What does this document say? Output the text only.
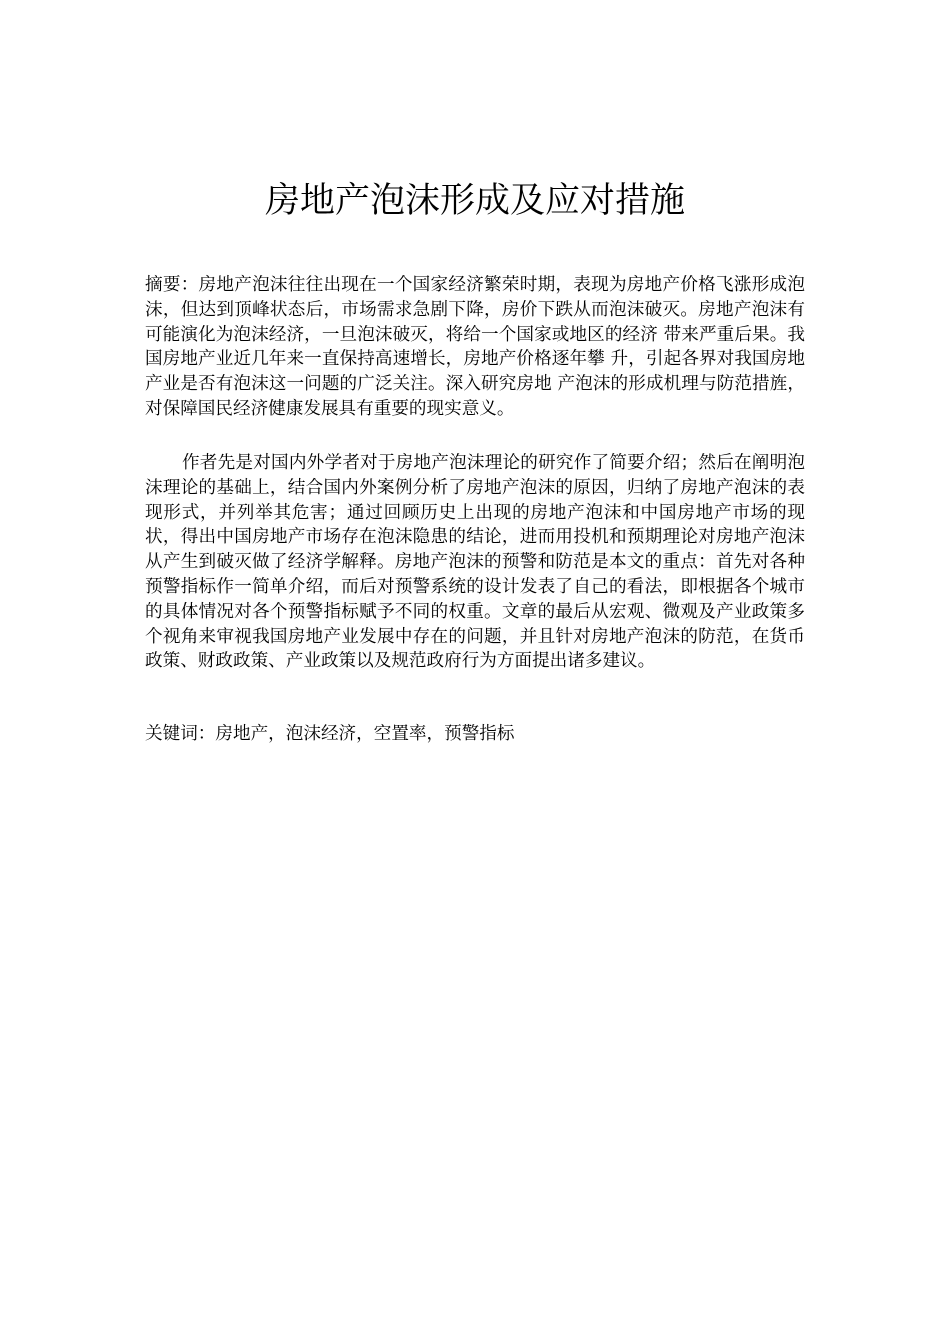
房地产泡沫形成及应对措施
摘要：房地产泡沫往往出现在一个国家经济繁荣时期，表现为房地产价格飞涨形成泡沫，但达到顶峰状态后，市场需求急剧下降，房价下跌从而泡沫破灭。房地产泡沫有可能演化为泡沫经济，一旦泡沫破灭，将给一个国家或地区的经济 带来严重后果。我国房地产业近几年来一直保持高速增长，房地产价格逐年攀 升，引起各界对我国房地产业是否有泡沫这一问题的广泛关注。深入研究房地 产泡沫的形成机理与防范措旌，对保障国民经济健康发展具有重要的现实意义。
作者先是对国内外学者对于房地产泡沫理论的研究作了简要介绍；然后在阐明泡沫理论的基础上，结合国内外案例分析了房地产泡沫的原因，归纳了房地产泡沫的表现形式，并列举其危害；通过回顾历史上出现的房地产泡沫和中国房地产市场的现状，得出中国房地产市场存在泡沫隐患的结论，进而用投机和预期理论对房地产泡沫从产生到破灭做了经济学解释。房地产泡沫的预警和防范是本文的重点：首先对各种预警指标作一简单介绍，而后对预警系统的设计发表了自己的看法，即根据各个城市的具体情况对各个预警指标赋予不同的权重。文章的最后从宏观、微观及产业政策多个视角来审视我国房地产业发展中存在的问题，并且针对房地产泡沫的防范，在货币政策、财政政策、产业政策以及规范政府行为方面提出诸多建议。
关键词：房地产，泡沫经济，空置率，预警指标
